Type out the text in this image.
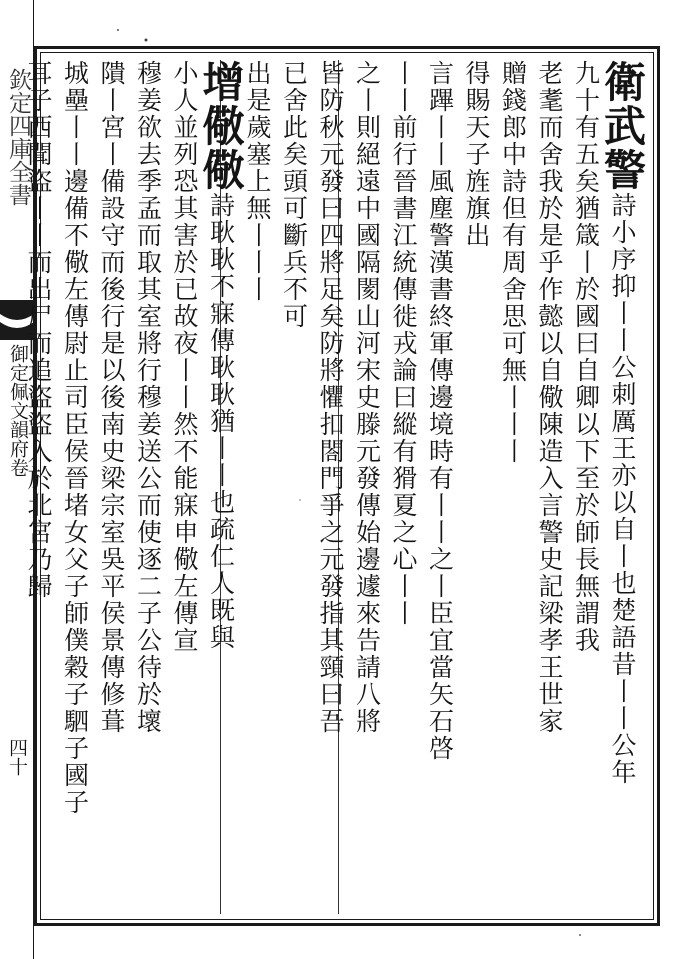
欽定四庫全書
御定佩文韻府卷
四十
衛武警詩小序抑丨丨公刺厲王亦以自丨也楚語昔丨丨公年
九十有五矣猶箴丨於國曰自卿以下至於師長無謂我
老耄而舍我於是乎作懿以自儆陳造入言警史記梁孝王世家
贈錢郎中詩但有周舍思可無丨丨丨
得賜天子旌旗出
言蹕丨丨風塵警漢書終軍傳邊境時有丨丨之丨臣宜當矢石啓
丨丨前行晉書江統傳徙戎論曰縱有猾夏之心丨丨
之丨則絕遠中國隔閡山河宋史滕元發傳始邊遽來告請八將
皆防秋元發曰四將足矣防將懼扣閤門爭之元發指其頸曰吾
已舍此矣頭可斷兵不可
出是歲塞上無丨丨丨
增儆儆詩耿耿不寐傳耿耿猶丨丨也疏仁人既與
小人並列恐其害於已故夜丨丨然不能寐申儆左傳宣
穆姜欲去季孟而取其室將行穆姜送公而使逐二子公待於壞
隤丨宮丨備設守而後行是以後南史梁宗室吳平侯景傳修葺
城壘丨丨邊備不儆左傳尉止司臣侯晉堵女父子師僕穀子駟子國子
耳子西聞盜丨丨而出尸而追盜盜入於北宮乃歸
